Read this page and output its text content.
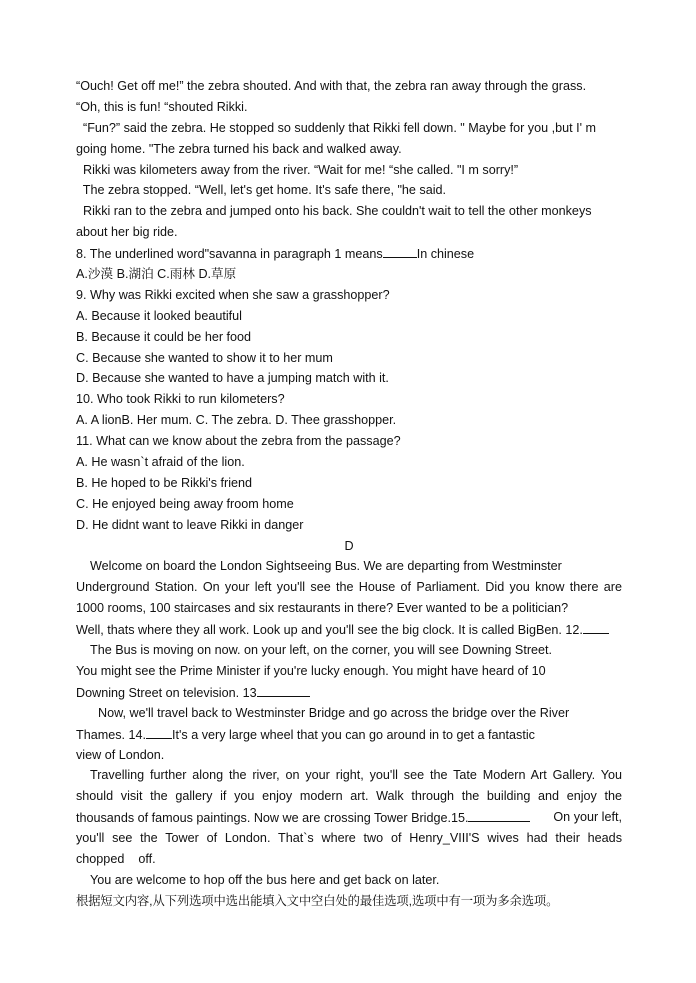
“Ouch! Get off me!” the zebra shouted. And with that, the zebra ran away through the grass.
“Oh, this is fun! “shouted Rikki.
“Fun?” said the zebra. He stopped so suddenly that Rikki fell down. " Maybe for you ,but I' m
going home. "The zebra turned his back and walked away.
Rikki was kilometers away from the river. “Wait for me! “she called. "I m sorry!”
The zebra stopped. “Well, let's get home. It's safe there, "he said.
Rikki ran to the zebra and jumped onto his back. She couldn't wait to tell the other monkeys
about her big ride.
8. The underlined word"savanna in paragraph 1 means	In chinese
A.沙漠 B.湖泊 C.雨林 D.草原
9. Why was Rikki excited when she saw a grasshopper?
A. Because it looked beautiful
B. Because it could be her food
C. Because she wanted to show it to her mum
D. Because she wanted to have a jumping match with it.
10. Who took Rikki to run kilometers?
A. A lionB. Her mum. C. The zebra. D. Thee grasshopper.
11. What can we know about the zebra from the passage?
A. He wasn`t afraid of the lion.
B. He hoped to be Rikki's friend
C. He enjoyed being away froom home
D. He didnt want to leave Rikki in danger
D
Welcome on board the London Sightseeing Bus. We are departing from Westminster
Underground Station. On your left you'll see the House of Parliament. Did you know there are
1000 rooms, 100 staircases and six restaurants in there? Ever wanted to be a politician?
Well, thats where they all work. Look up and you'll see the big clock. It is called BigBen. 12.
The Bus is moving on now. on your left, on the corner, you will see Downing Street.
You might see the Prime Minister if you're lucky enough. You might have heard of 10
Downing Street on television. 13
Now, we'll travel back to Westminster Bridge and go across the bridge over the River
Thames. 14. It's a very large wheel that you can go around in to get a fantastic
view of London.
Travelling further along the river, on your right, you'll see the Tate Modern Art Gallery. You
should visit the gallery if you enjoy modern art. Walk through the building and enjoy the
thousands of famous paintings. Now we are crossing Tower Bridge.15.	On your left,
you'll see the Tower of London. That`s where two of Henry_VIII'S wives had their heads
chopped    off.
You are welcome to hop off the bus here and get back on later.
根据短文内容,从下列选项中选出能填入文中空白处的最佳选项,选项中有一项为多余选项。
